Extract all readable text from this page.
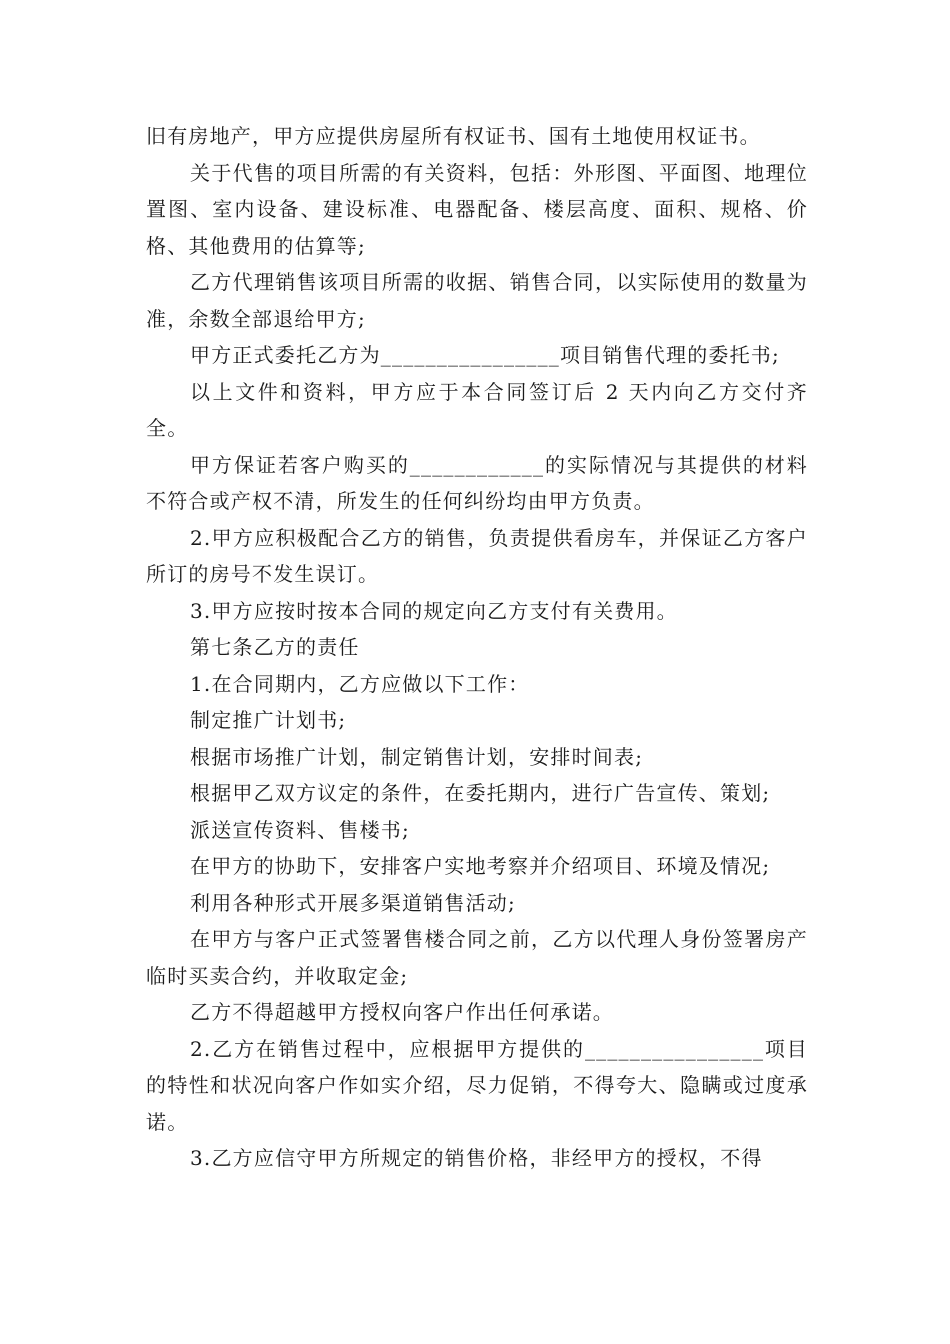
旧有房地产，甲方应提供房屋所有权证书、国有土地使用权证书。

关于代售的项目所需的有关资料，包括：外形图、平面图、地理位置图、室内设备、建设标准、电器配备、楼层高度、面积、规格、价格、其他费用的估算等;

乙方代理销售该项目所需的收据、销售合同，以实际使用的数量为准，余数全部退给甲方;

甲方正式委托乙方为________________项目销售代理的委托书;

以上文件和资料，甲方应于本合同签订后 2 天内向乙方交付齐全。

甲方保证若客户购买的____________的实际情况与其提供的材料不符合或产权不清，所发生的任何纠纷均由甲方负责。

2.甲方应积极配合乙方的销售，负责提供看房车，并保证乙方客户所订的房号不发生误订。

3.甲方应按时按本合同的规定向乙方支付有关费用。

第七条乙方的责任

1.在合同期内，乙方应做以下工作：

制定推广计划书;

根据市场推广计划，制定销售计划，安排时间表;

根据甲乙双方议定的条件，在委托期内，进行广告宣传、策划;

派送宣传资料、售楼书;

在甲方的协助下，安排客户实地考察并介绍项目、环境及情况;

利用各种形式开展多渠道销售活动;

在甲方与客户正式签署售楼合同之前，乙方以代理人身份签署房产临时买卖合约，并收取定金;

乙方不得超越甲方授权向客户作出任何承诺。

2.乙方在销售过程中，应根据甲方提供的________________项目的特性和状况向客户作如实介绍，尽力促销，不得夸大、隐瞒或过度承诺。

3.乙方应信守甲方所规定的销售价格，非经甲方的授权，不得
